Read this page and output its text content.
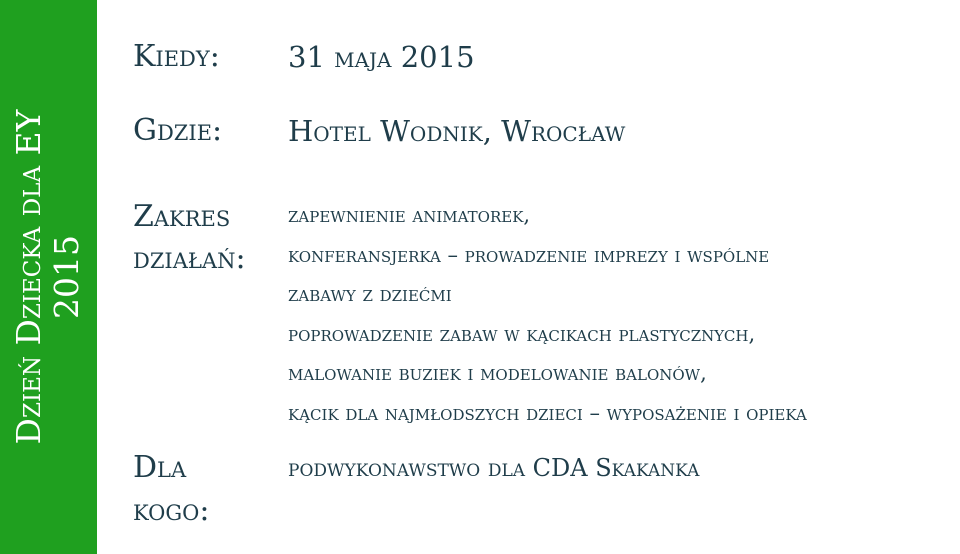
Dzień Dziecka dla EY 2015
Kiedy: 31 maja 2015
Gdzie: Hotel Wodnik, Wrocław
Zakres
działań:
zapewnienie animatorek,
konferansjerka – prowadzenie imprezy i wspólne
zabawy z dziećmi
poprowadzenie zabaw w kącikach plastycznych,
malowanie buziek i modelowanie balonów,
kącik dla najmłodszych dzieci – wyposażenie i opieka
Dla
kogo:
podwykonawstwo dla CDA Skakanka
